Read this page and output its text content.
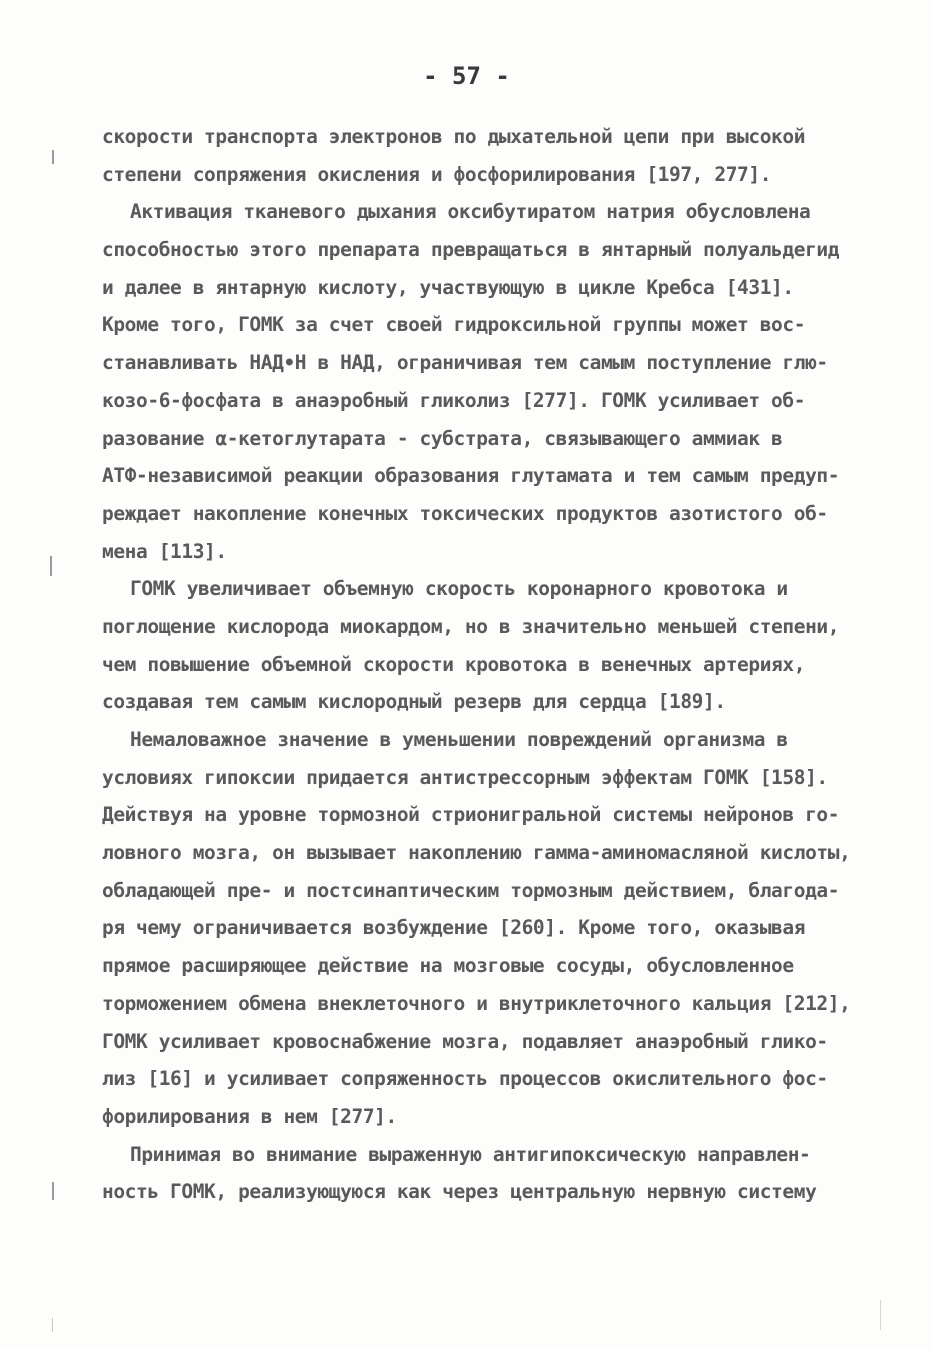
- 57 -
скорости транспорта электронов по дыхательной цепи при высокой
степени сопряжения окисления и фосфорилирования [197, 277].
Активация тканевого дыхания оксибутиратом натрия обусловлена
способностью этого препарата превращаться в янтарный полуальдегид
и далее в янтарную кислоту, участвующую в цикле Кребса [431].
Кроме того, ГОМК за счет своей гидроксильной группы может вос-
станавливать НАД•Н в НАД, ограничивая тем самым поступление глю-
козо-6-фосфата в анаэробный гликолиз [277]. ГОМК усиливает об-
разование α-кетоглутарата - субстрата, связывающего аммиак в
АТФ-независимой реакции образования глутамата и тем самым предуп-
реждает накопление конечных токсических продуктов азотистого об-
мена [113].
ГОМК увеличивает объемную скорость коронарного кровотока и
поглощение кислорода миокардом, но в значительно меньшей степени,
чем повышение объемной скорости кровотока в венечных артериях,
создавая тем самым кислородный резерв для сердца [189].
Немаловажное значение в уменьшении повреждений организма в
условиях гипоксии придается антистрессорным эффектам ГОМК [158].
Действуя на уровне тормозной стрионигральной системы нейронов го-
ловного мозга, он вызывает накоплению гамма-аминомасляной кислоты,
обладающей пре- и постсинаптическим тормозным действием, благода-
ря чему ограничивается возбуждение [260]. Кроме того, оказывая
прямое расширяющее действие на мозговые сосуды, обусловленное
торможением обмена внеклеточного и внутриклеточного кальция [212],
ГОМК усиливает кровоснабжение мозга, подавляет анаэробный глико-
лиз [16] и усиливает сопряженность процессов окислительного фос-
форилирования в нем [277].
Принимая во внимание выраженную антигипоксическую направлен-
ность ГОМК, реализующуюся как через центральную нервную систему
